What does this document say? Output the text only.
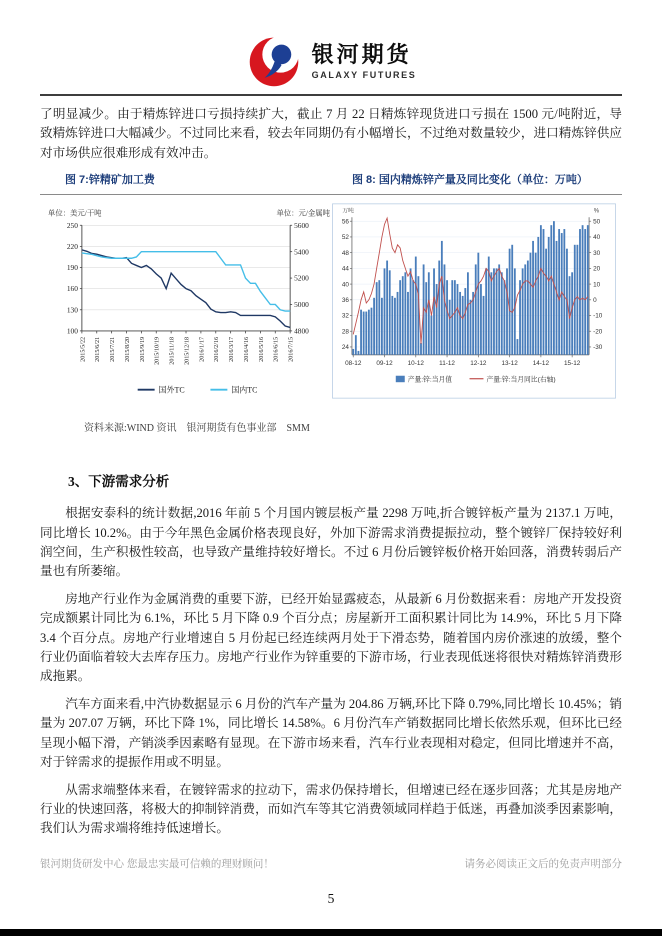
银河期货
GALAXY FUTURES

了明显减少。由于精炼锌进口亏损持续扩大，截止 7 月 22 日精炼锌现货进口亏损在 1500 元/吨附近，导致精炼锌进口大幅减少。不过同比来看，较去年同期仍有小幅增长，不过绝对数量较少，进口精炼锌供应对市场供应很难形成有效冲击。

图 7:锌精矿加工费	图 8: 国内精炼锌产量及同比变化（单位：万吨）
单位：美元/干吨	单位：元/金属吨
100
130
160
190
220
250
4800
5000
5200
5400
5600
2015/5/22 2015/6/21 2015/7/21 2015/8/20 2015/9/19 2015/10/19 2015/11/18 2015/12/18 2016/1/17 2016/2/16 2016/3/17 2016/4/16 2016/5/16 2016/6/15 2016/7/15
国外TC	国内TC
万吨	%
24
28
32
36
40
44
48
52
56
-30
-20
-10
0
10
20
30
40
50
08-12 09-12 10-12 11-12 12-12 13-12 14-12 15-12
产量:锌:当月值	产量:锌:当月同比(右轴)
资料来源:WIND 资讯　银河期货有色事业部　SMM
3、下游需求分析

根据安泰科的统计数据,2016 年前 5 个月国内镀层板产量 2298 万吨,折合镀锌板产量为 2137.1 万吨，同比增长 10.2%。由于今年黑色金属价格表现良好，外加下游需求消费提振拉动，整个镀锌厂保持较好利润空间，生产积极性较高，也导致产量维持较好增长。不过 6 月份后镀锌板价格开始回落，消费转弱后产量也有所萎缩。

房地产行业作为金属消费的重要下游，已经开始显露疲态，从最新 6 月份数据来看：房地产开发投资完成额累计同比为 6.1%，环比 5 月下降 0.9 个百分点；房屋新开工面积累计同比为 14.9%，环比 5 月下降 3.4 个百分点。房地产行业增速自 5 月份起已经连续两月处于下滑态势，随着国内房价涨速的放缓，整个行业仍面临着较大去库存压力。房地产行业作为锌重要的下游市场，行业表现低迷将很快对精炼锌消费形成拖累。

汽车方面来看,中汽协数据显示 6 月份的汽车产量为 204.86 万辆,环比下降 0.79%,同比增长 10.45%；销量为 207.07 万辆，环比下降 1%，同比增长 14.58%。6 月份汽车产销数据同比增长依然乐观，但环比已经呈现小幅下滑，产销淡季因素略有显现。在下游市场来看，汽车行业表现相对稳定，但同比增速并不高，对于锌需求的提振作用或不明显。

从需求端整体来看，在镀锌需求的拉动下，需求仍保持增长，但增速已经在逐步回落；尤其是房地产行业的快速回落，将极大的抑制锌消费，而如汽车等其它消费领域同样趋于低迷，再叠加淡季因素影响，我们认为需求端将维持低速增长。

银河期货研发中心 您最忠实最可信赖的理财顾问！	请务必阅读正文后的免责声明部分
5
